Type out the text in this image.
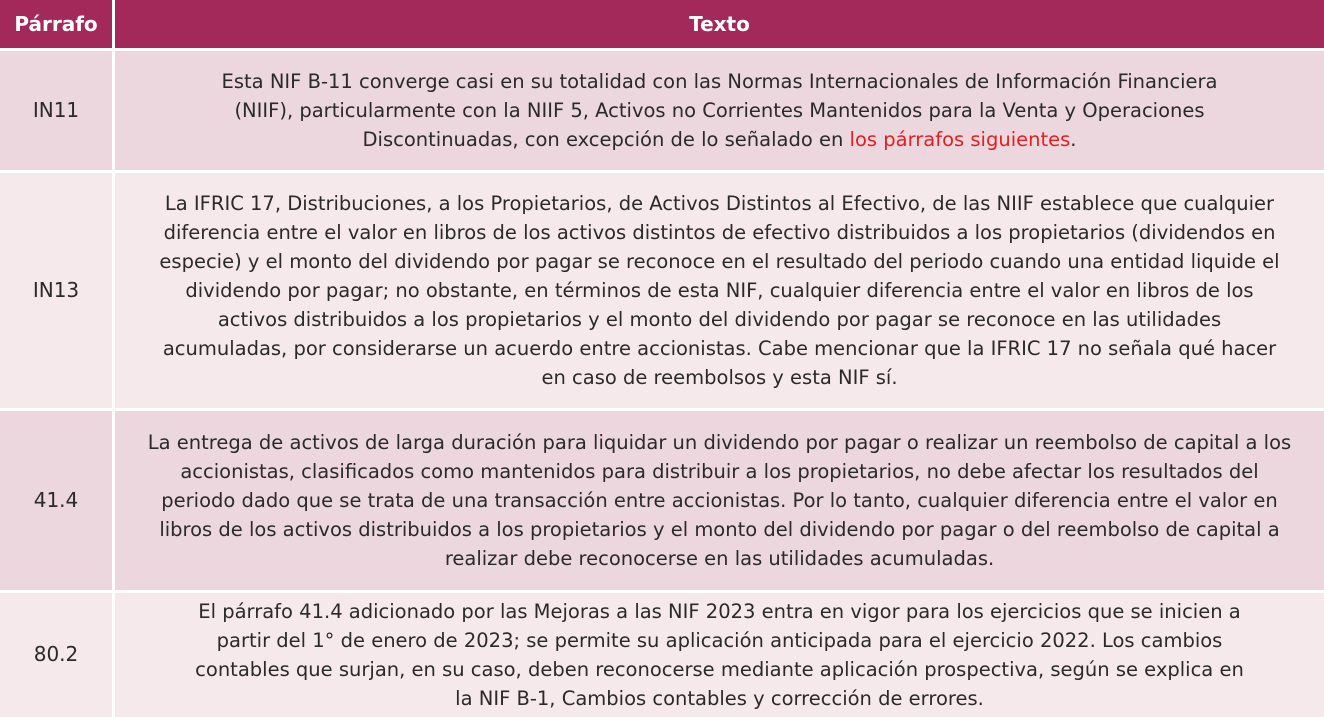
Párrafo	Texto
IN11
Esta NIF B-11 converge casi en su totalidad con las Normas Internacionales de Información Financiera (NIIF), particularmente con la NIIF 5, Activos no Corrientes Mantenidos para la Venta y Operaciones Discontinuadas, con excepción de lo señalado en los párrafos siguientes.
IN13
La IFRIC 17, Distribuciones, a los Propietarios, de Activos Distintos al Efectivo, de las NIIF establece que cualquier diferencia entre el valor en libros de los activos distintos de efectivo distribuidos a los propietarios (dividendos en especie) y el monto del dividendo por pagar se reconoce en el resultado del periodo cuando una entidad liquide el dividendo por pagar; no obstante, en términos de esta NIF, cualquier diferencia entre el valor en libros de los activos distribuidos a los propietarios y el monto del dividendo por pagar se reconoce en las utilidades acumuladas, por considerarse un acuerdo entre accionistas. Cabe mencionar que la IFRIC 17 no señala qué hacer en caso de reembolsos y esta NIF sí.
41.4
La entrega de activos de larga duración para liquidar un dividendo por pagar o realizar un reembolso de capital a los accionistas, clasificados como mantenidos para distribuir a los propietarios, no debe afectar los resultados del periodo dado que se trata de una transacción entre accionistas. Por lo tanto, cualquier diferencia entre el valor en libros de los activos distribuidos a los propietarios y el monto del dividendo por pagar o del reembolso de capital a realizar debe reconocerse en las utilidades acumuladas.
80.2
El párrafo 41.4 adicionado por las Mejoras a las NIF 2023 entra en vigor para los ejercicios que se inicien a partir del 1° de enero de 2023; se permite su aplicación anticipada para el ejercicio 2022. Los cambios contables que surjan, en su caso, deben reconocerse mediante aplicación prospectiva, según se explica en la NIF B-1, Cambios contables y corrección de errores.
